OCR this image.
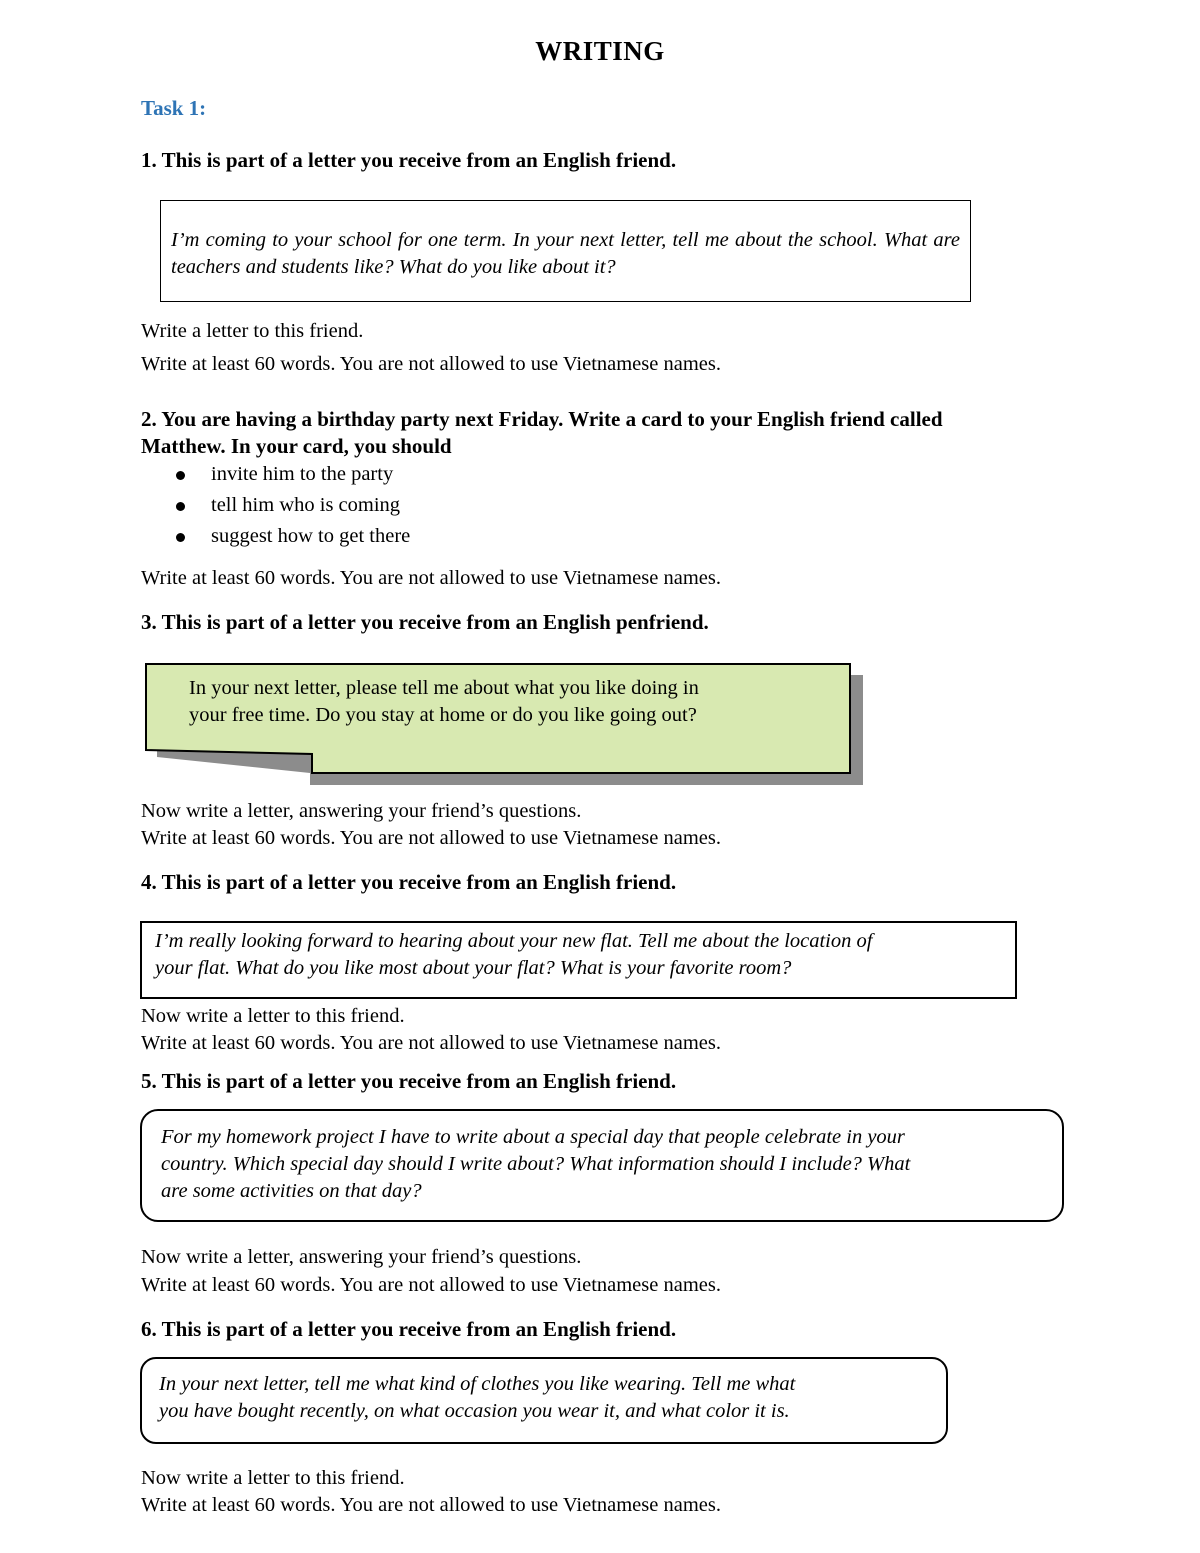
WRITING
Task 1:
1. This is part of a letter you receive from an English friend.
I’m coming to your school for one term. In your next letter, tell me about the school. What are teachers and students like? What do you like about it?
Write a letter to this friend.
Write at least 60 words. You are not allowed to use Vietnamese names.
2. You are having a birthday party next Friday. Write a card to your English friend called
Matthew. In your card, you should
invite him to the party
tell him who is coming
suggest how to get there
Write at least 60 words. You are not allowed to use Vietnamese names.
3. This is part of a letter you receive from an English penfriend.
In your next letter, please tell me about what you like doing in
your free time. Do you stay at home or do you like going out?
Now write a letter, answering your friend’s questions.
Write at least 60 words. You are not allowed to use Vietnamese names.
4. This is part of a letter you receive from an English friend.
I’m really looking forward to hearing about your new flat. Tell me about the location of
your flat. What do you like most about your flat? What is your favorite room?
Now write a letter to this friend.
Write at least 60 words. You are not allowed to use Vietnamese names.
5. This is part of a letter you receive from an English friend.
For my homework project I have to write about a special day that people celebrate in your
country. Which special day should I write about? What information should I include? What
are some activities on that day?
Now write a letter, answering your friend’s questions.
Write at least 60 words. You are not allowed to use Vietnamese names.
6. This is part of a letter you receive from an English friend.
In your next letter, tell me what kind of clothes you like wearing. Tell me what
you have bought recently, on what occasion you wear it, and what color it is.
Now write a letter to this friend.
Write at least 60 words. You are not allowed to use Vietnamese names.
